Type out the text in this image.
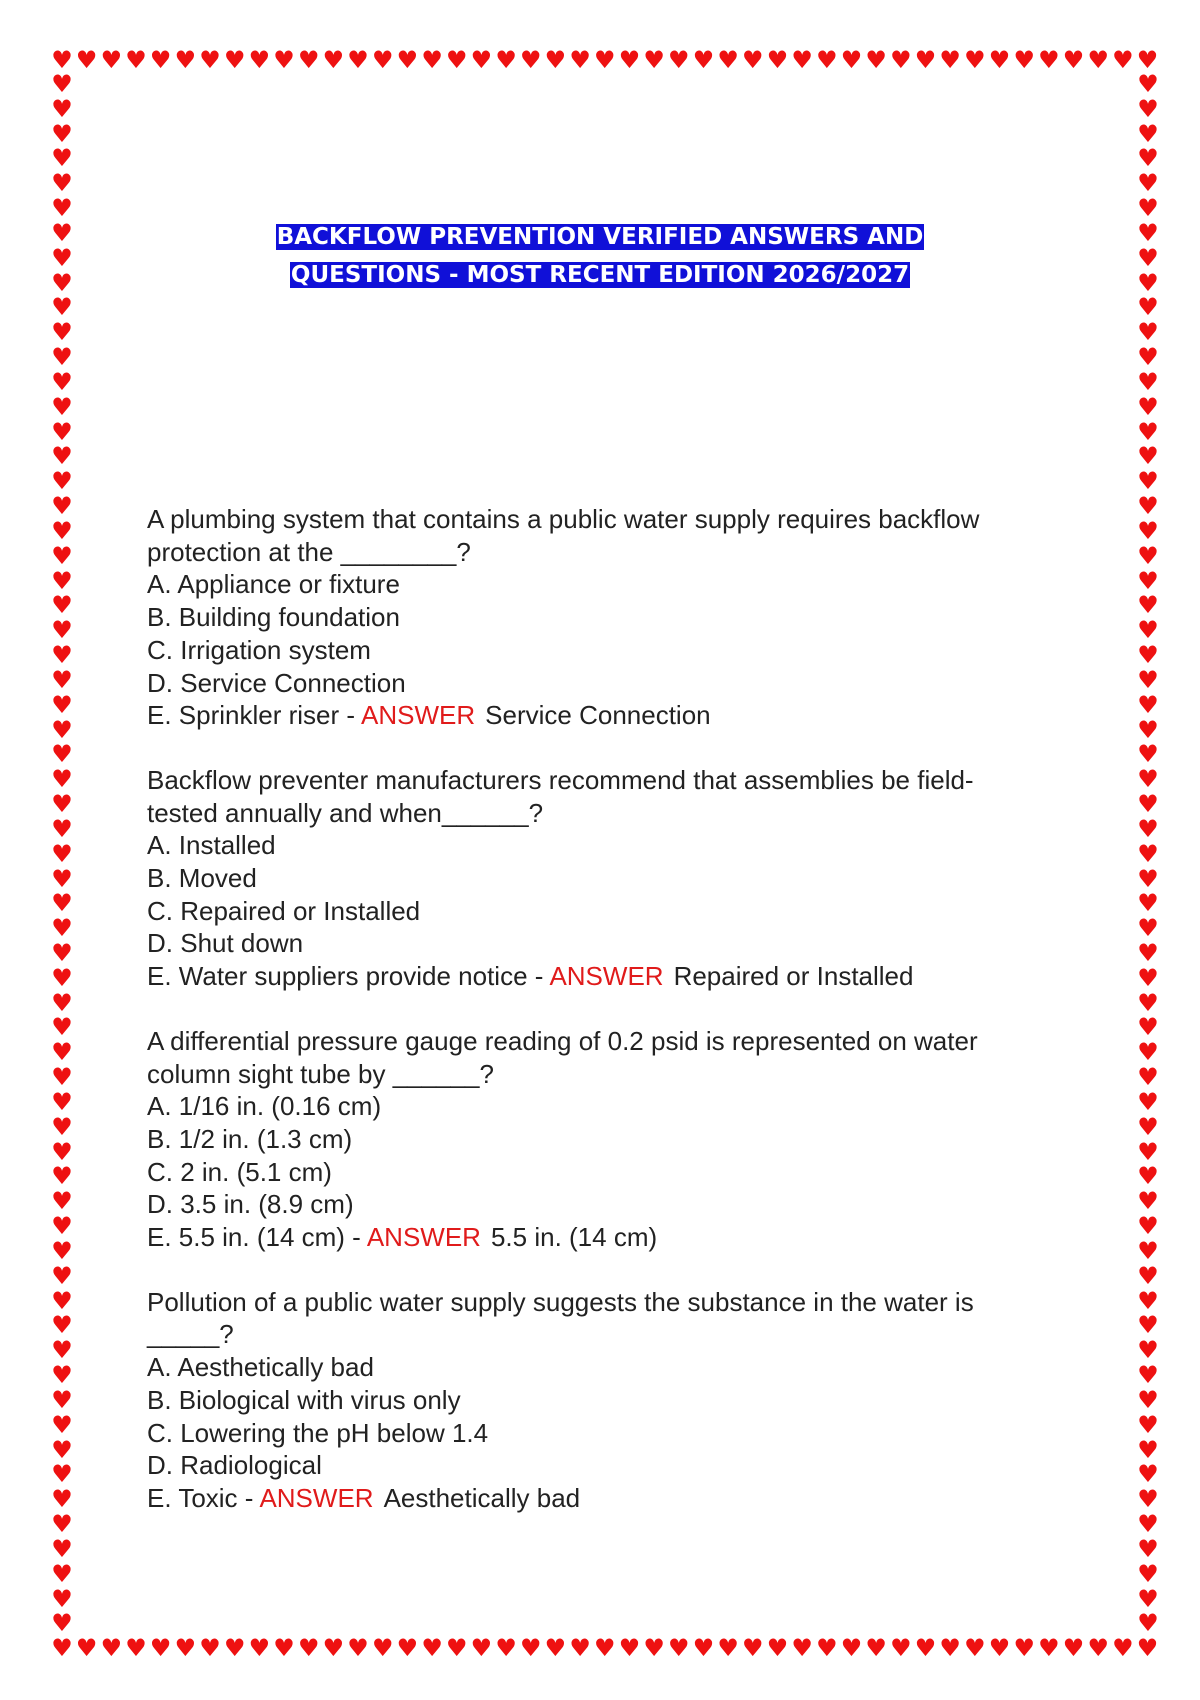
♥ ♥ ♥ ♥ ♥ ♥ ♥ ♥ ♥ ♥ ♥ ♥ ♥ ♥ ♥ ♥ ♥ ♥ ♥ ♥ ♥ ♥ ♥ ♥ ♥ ♥ ♥ ♥ ♥ ♥ ♥ ♥ ♥ ♥ ♥ ♥ ♥ ♥ ♥ ♥ ♥ ♥ ♥ ♥ ♥
♥ ♥ ♥ ♥ ♥ ♥ ♥ ♥ ♥ ♥ ♥ ♥ ♥ ♥ ♥ ♥ ♥ ♥ ♥ ♥ ♥ ♥ ♥ ♥ ♥ ♥ ♥ ♥ ♥ ♥ ♥ ♥ ♥ ♥ ♥ ♥ ♥ ♥ ♥ ♥ ♥ ♥ ♥ ♥ ♥
♥
♥
♥
♥
♥
♥
♥
♥
♥
♥
♥
♥
♥
♥
♥
♥
♥
♥
♥
♥
♥
♥
♥
♥
♥
♥
♥
♥
♥
♥
♥
♥
♥
♥
♥
♥
♥
♥
♥
♥
♥
♥
♥
♥
♥
♥
♥
♥
♥
♥
♥
♥
♥
♥
♥
♥
♥
♥
♥
♥
♥
♥
♥
♥
♥
♥
♥
♥
♥
♥
♥
♥
♥
♥
♥
♥
♥
♥
♥
♥
♥
♥
♥
♥
♥
♥
♥
♥
♥
♥
♥
♥
♥
♥
♥
♥
♥
♥
♥
♥
♥
♥
♥
♥
♥
♥
♥
♥
♥
♥
♥
♥
♥
♥
♥
♥
♥
♥
♥
♥
♥
♥
♥
♥
♥
♥
BACKFLOW PREVENTION VERIFIED ANSWERS AND
QUESTIONS - MOST RECENT EDITION 2026/2027
A plumbing system that contains a public water supply requires backflow
protection at the ________?
A. Appliance or fixture
B. Building foundation
C. Irrigation system
D. Service Connection
E. Sprinkler riser - ANSWER Service Connection
Backflow preventer manufacturers recommend that assemblies be field-
tested annually and when______?
A. Installed
B. Moved
C. Repaired or Installed
D. Shut down
E. Water suppliers provide notice - ANSWER Repaired or Installed
A differential pressure gauge reading of 0.2 psid is represented on water
column sight tube by ______?
A. 1/16 in. (0.16 cm)
B. 1/2 in. (1.3 cm)
C. 2 in. (5.1 cm)
D. 3.5 in. (8.9 cm)
E. 5.5 in. (14 cm) - ANSWER 5.5 in. (14 cm)
Pollution of a public water supply suggests the substance in the water is
_____?
A. Aesthetically bad
B. Biological with virus only
C. Lowering the pH below 1.4
D. Radiological
E. Toxic - ANSWER Aesthetically bad
